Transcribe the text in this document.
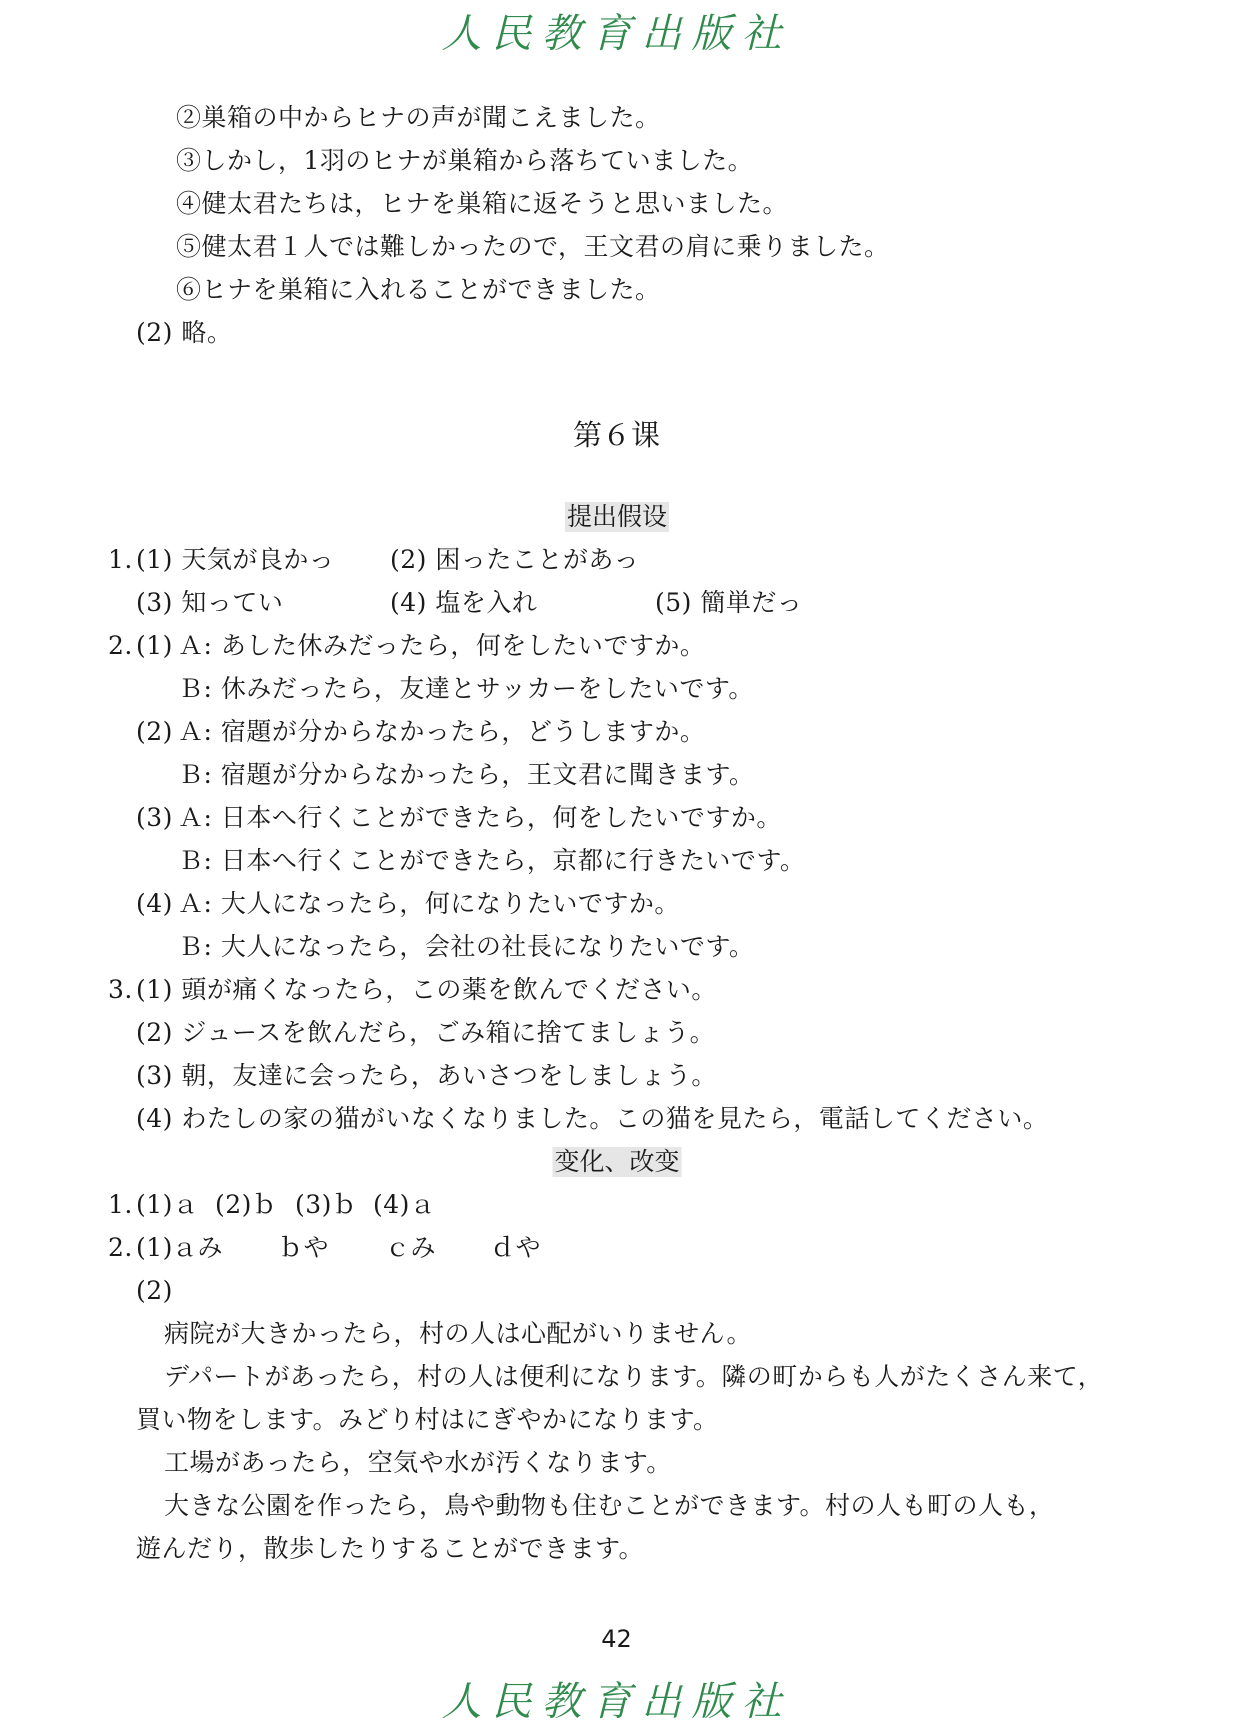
人民教育出版社
②巣箱の中からヒナの声が聞こえました。
③しかし，1羽のヒナが巣箱から落ちていました。
④健太君たちは，ヒナを巣箱に返そうと思いました。
⑤健太君１人では難しかったので，王文君の肩に乗りました。
⑥ヒナを巣箱に入れることができました。
(2) 略。
第６课
提出假设
1. (1) 天気が良かっ (2) 困ったことがあっ
(3) 知ってい	(4) 塩を入れ	(5) 簡単だっ
2. (1) Ａ: あした休みだったら，何をしたいですか。
Ｂ: 休みだったら，友達とサッカーをしたいです。
(2) Ａ: 宿題が分からなかったら，どうしますか。
Ｂ: 宿題が分からなかったら，王文君に聞きます。
(3) Ａ: 日本へ行くことができたら，何をしたいですか。
Ｂ: 日本へ行くことができたら，京都に行きたいです。
(4) Ａ: 大人になったら，何になりたいですか。
Ｂ: 大人になったら，会社の社長になりたいです。
3. (1) 頭が痛くなったら，この薬を飲んでください。
(2) ジュースを飲んだら，ごみ箱に捨てましょう。
(3) 朝，友達に会ったら，あいさつをしましょう。
(4) わたしの家の猫がいなくなりました。この猫を見たら，電話してください。
变化、改变
1. (1)ａ (2)ｂ (3)ｂ (4)ａ
2. (1) ａみ ｂや ｃみ ｄや
(2)
病院が大きかったら，村の人は心配がいりません。
デパートがあったら，村の人は便利になります。隣の町からも人がたくさん来て，
買い物をします。みどり村はにぎやかになります。
工場があったら，空気や水が汚くなります。
大きな公園を作ったら，鳥や動物も住むことができます。村の人も町の人も，
遊んだり，散歩したりすることができます。
42
人民教育出版社
